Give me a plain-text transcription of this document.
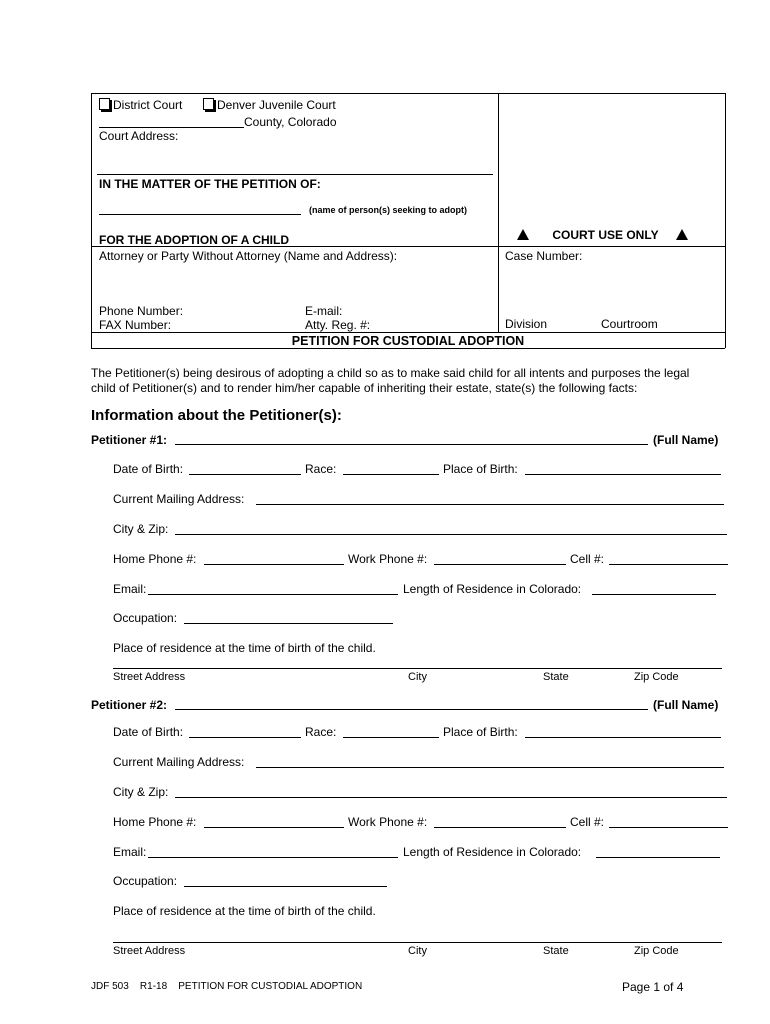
District Court	Denver Juvenile Court
County, Colorado
Court Address:
IN THE MATTER OF THE PETITION OF:
(name of person(s) seeking to adopt)
FOR THE ADOPTION OF A CHILD	COURT USE ONLY
Attorney or Party Without Attorney (Name and Address):	Case Number:
Phone Number:	E-mail:
FAX Number:	Atty. Reg. #:	Division	Courtroom
PETITION FOR CUSTODIAL ADOPTION
The Petitioner(s) being desirous of adopting a child so as to make said child for all intents and purposes the legal
child of Petitioner(s) and to render him/her capable of inheriting their estate, state(s) the following facts:
Information about the Petitioner(s):
Petitioner #1:	(Full Name)
Date of Birth:	Race:	Place of Birth:
Current Mailing Address:
City & Zip:
Home Phone #:	Work Phone #:	Cell #:
Email:	Length of Residence in Colorado:
Occupation:
Place of residence at the time of birth of the child.
Street Address	City	State	Zip Code
Petitioner #2:	(Full Name)
Date of Birth:	Race:	Place of Birth:
Current Mailing Address:
City & Zip:
Home Phone #:	Work Phone #:	Cell #:
Email:	Length of Residence in Colorado:
Occupation:
Place of residence at the time of birth of the child.
Street Address	City	State	Zip Code
JDF 503    R1-18    PETITION FOR CUSTODIAL ADOPTION	Page 1 of 4
